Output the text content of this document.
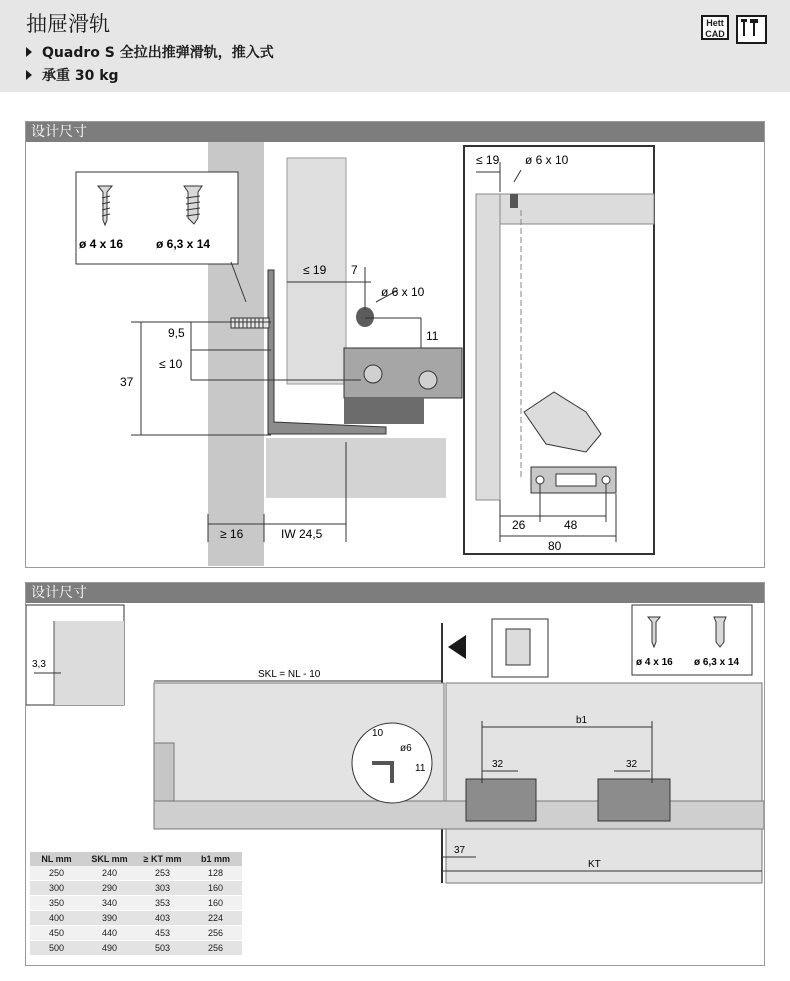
抽屉滑轨
Quadro S 全拉出推弹滑轨，推入式
承重 30 kg
Hett
CAD
设计尺寸
ø 4 x 16	ø 6,3 x 14
≤ 19 7
ø 6 x 10
11
9,5
≤ 10
37
≥ 16	IW 24,5
≤ 19 ø 6 x 10
26	48
80
设计尺寸
3,3	ø 4 x 16 ø 6,3 x 14
10
ø6
11
SKL = NL - 10
b1
32	32
37
KT
NL mm	SKL mm	≥ KT mm	b1 mm
250	240	253	128
300	290	303	160
350	340	353	160
400	390	403	224
450	440	453	256
500	490	503	256
